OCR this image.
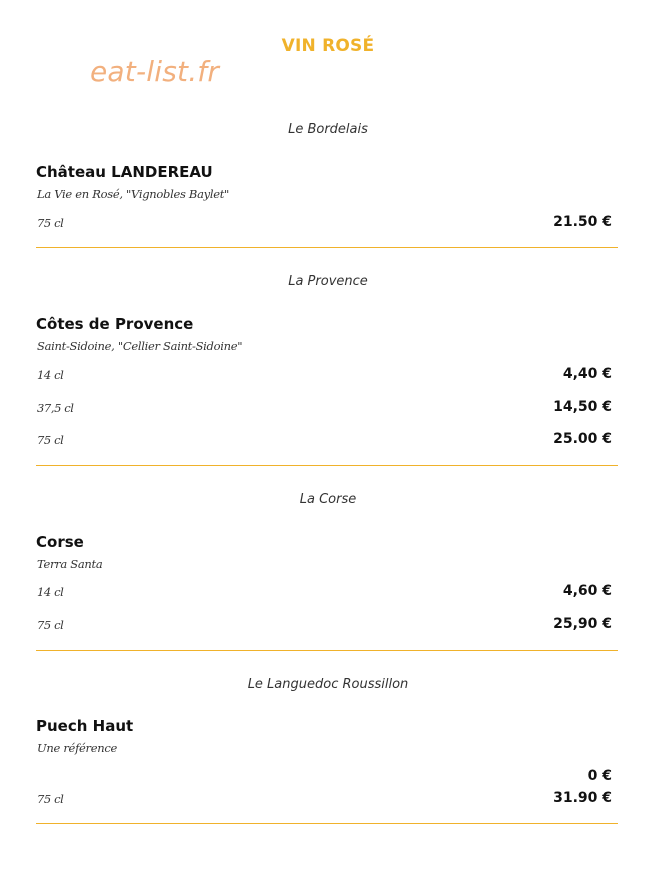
VIN ROSÉ
eat-list.fr
Le Bordelais
Château LANDEREAU
La Vie en Rosé, "Vignobles Baylet"
75 cl	21.50 €
La Provence
Côtes de Provence
Saint-Sidoine, "Cellier Saint-Sidoine"
14 cl	4,40 €
37,5 cl	14,50 €
75 cl	25.00 €
La Corse
Corse
Terra Santa
14 cl	4,60 €
75 cl	25,90 €
Le Languedoc Roussillon
Puech Haut
Une référence
0 €
75 cl	31.90 €
